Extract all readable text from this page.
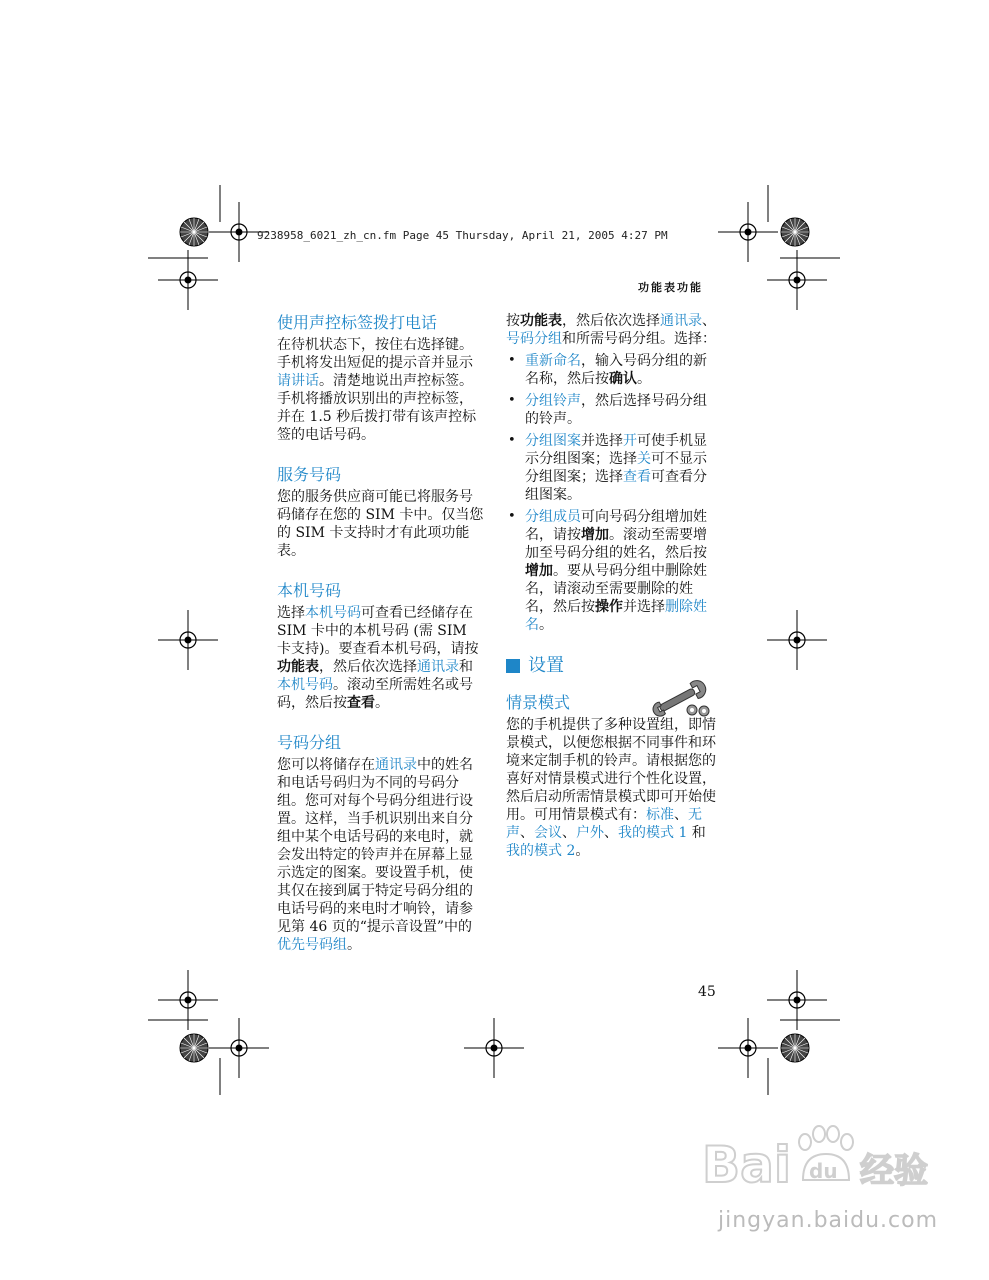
9238958_6021_zh_cn.fm Page 45 Thursday, April 21, 2005 4:27 PM
功能表功能
使用声控标签拨打电话

在待机状态下，按住右选择键。手机将发出短促的提示音并显示请讲话。清楚地说出声控标签。手机将播放识别出的声控标签，并在 1.5 秒后拨打带有该声控标签的电话号码。

服务号码

您的服务供应商可能已将服务号码储存在您的 SIM 卡中。仅当您的 SIM 卡支持时才有此项功能表。

本机号码

选择本机号码可查看已经储存在 SIM 卡中的本机号码 (需 SIM 卡支持)。要查看本机号码，请按功能表，然后依次选择通讯录和本机号码。滚动至所需姓名或号码，然后按查看。

号码分组

您可以将储存在通讯录中的姓名和电话号码归为不同的号码分组。您可对每个号码分组进行设置。这样，当手机识别出来自分组中某个电话号码的来电时，就会发出特定的铃声并在屏幕上显示选定的图案。要设置手机，使其仅在接到属于特定号码分组的电话号码的来电时才响铃，请参见第 46 页的“提示音设置”中的优先号码组。

按功能表，然后依次选择通讯录、号码分组和所需号码分组。选择：

• 重新命名，输入号码分组的新名称，然后按确认。
• 分组铃声，然后选择号码分组的铃声。
• 分组图案并选择开可使手机显示分组图案；选择关可不显示分组图案；选择查看可查看分组图案。
• 分组成员可向号码分组增加姓名，请按增加。滚动至需要增加至号码分组的姓名，然后按增加。要从号码分组中删除姓名，请滚动至需要删除的姓名，然后按操作并选择删除姓名。
设置
情景模式

您的手机提供了多种设置组，即情景模式，以便您根据不同事件和环境来定制手机的铃声。请根据您的喜好对情景模式进行个性化设置，然后启动所需情景模式即可开始使用。可用情景模式有：标准、无声、会议、户外、我的模式 1 和我的模式 2。

45
Bai du 经验
jingyan.baidu.com
